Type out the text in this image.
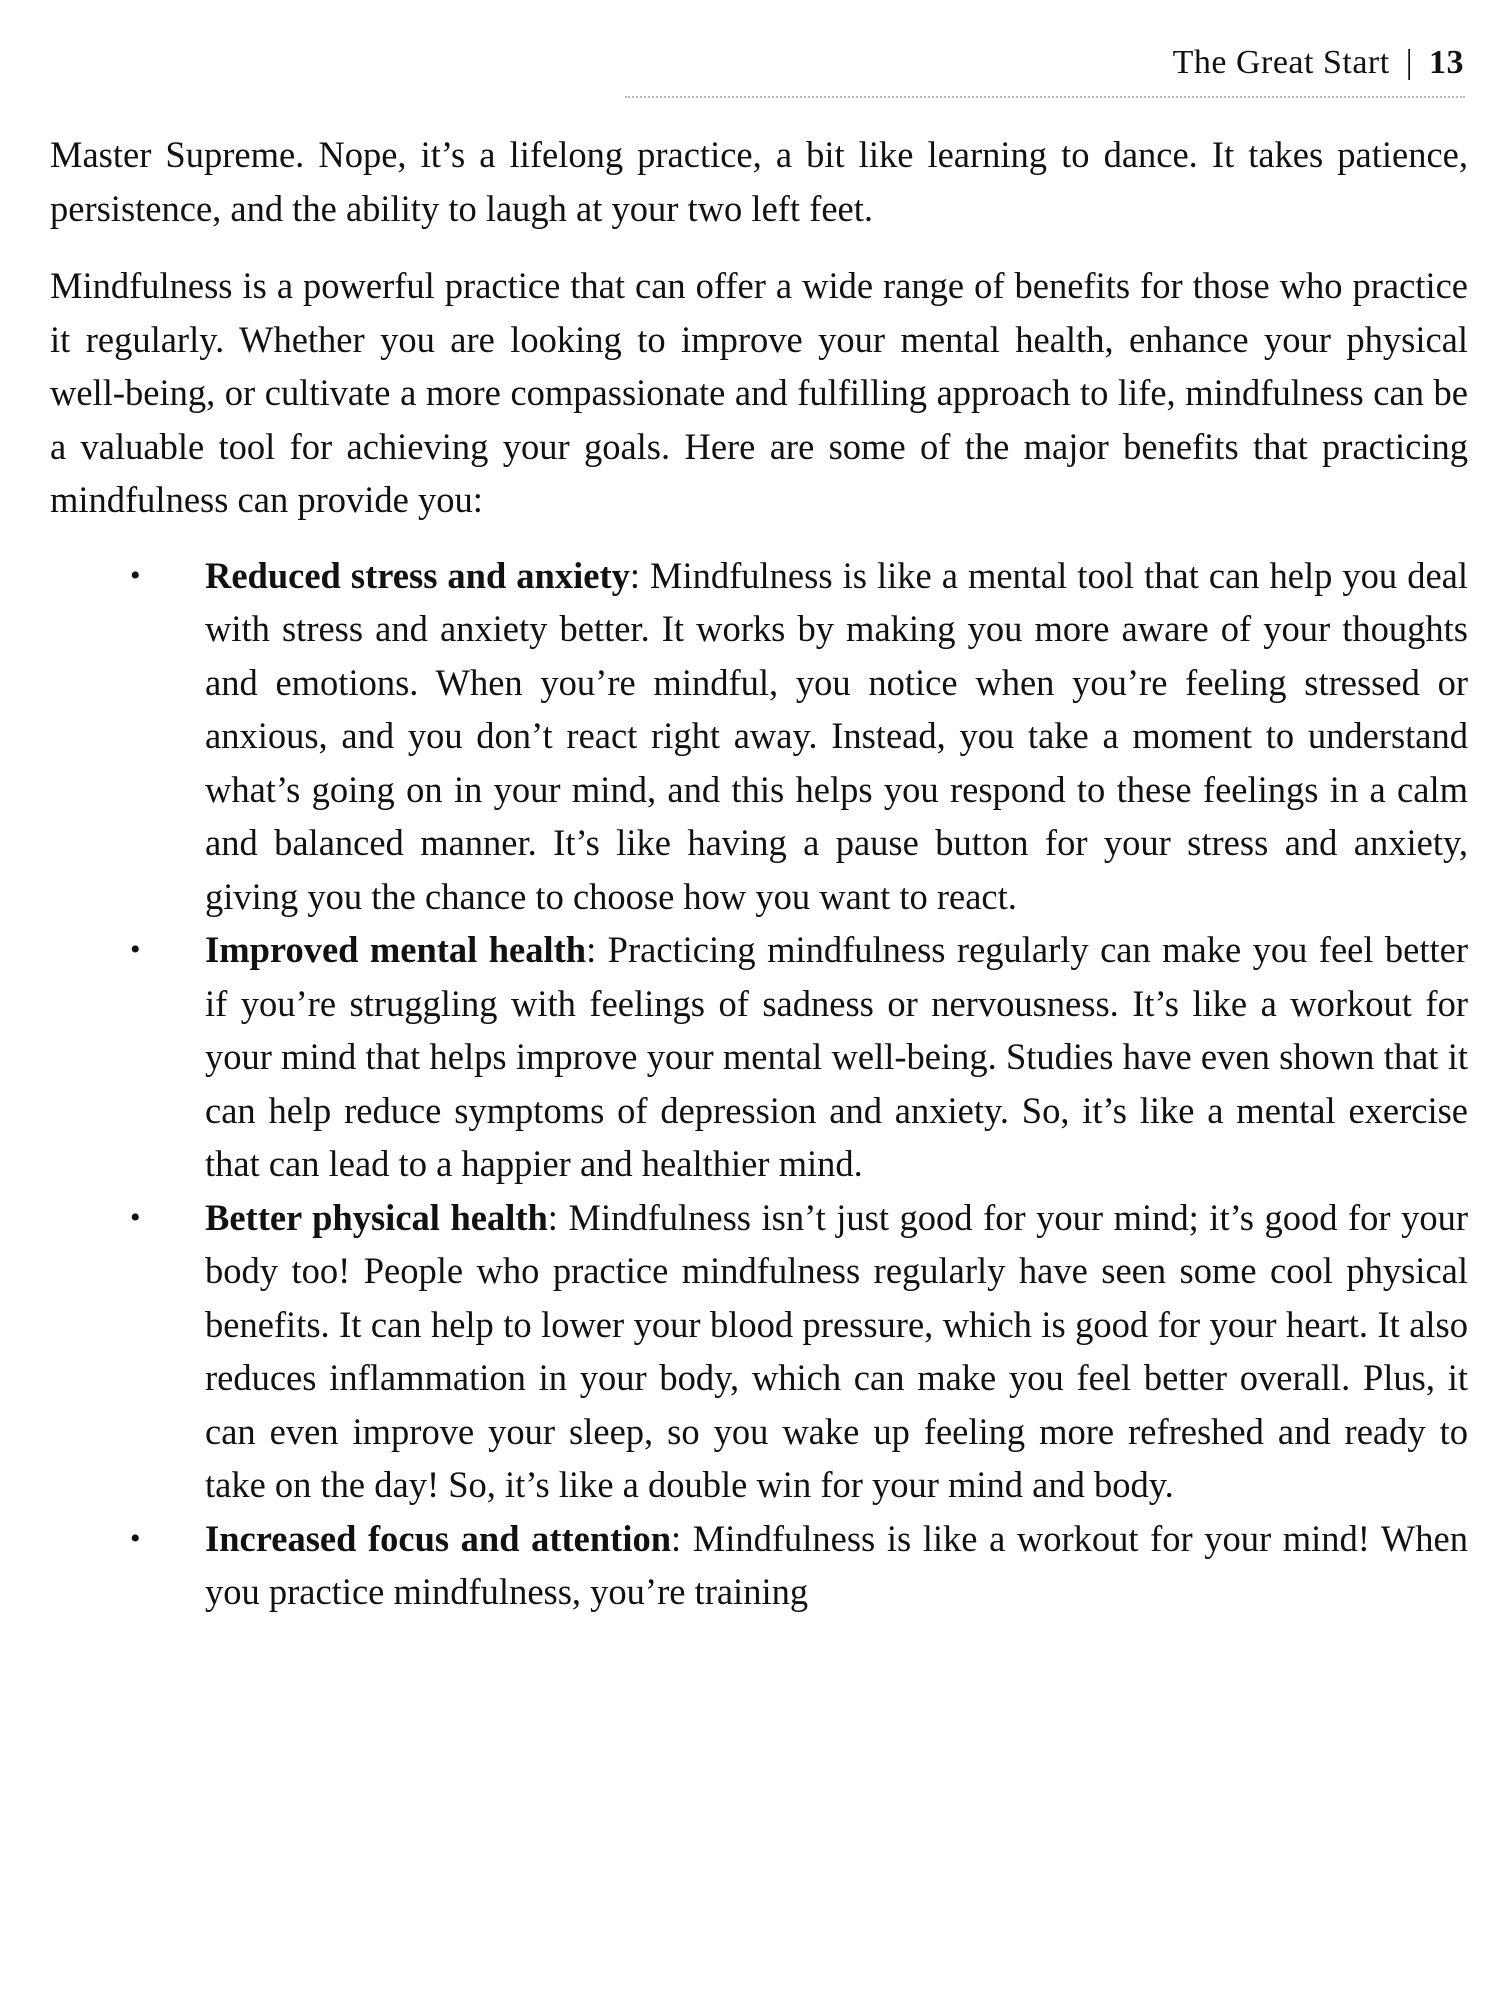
The Great Start | 13

Master Supreme. Nope, it’s a lifelong practice, a bit like learning to dance. It takes patience, persistence, and the ability to laugh at your two left feet.

Mindfulness is a powerful practice that can offer a wide range of benefits for those who practice it regularly. Whether you are looking to improve your mental health, enhance your physical well-being, or cultivate a more compassionate and fulfilling approach to life, mindfulness can be a valuable tool for achieving your goals. Here are some of the major benefits that practicing mindfulness can provide you:

• Reduced stress and anxiety: Mindfulness is like a mental tool that can help you deal with stress and anxiety better. It works by making you more aware of your thoughts and emotions. When you’re mindful, you notice when you’re feeling stressed or anxious, and you don’t react right away. Instead, you take a moment to understand what’s going on in your mind, and this helps you respond to these feelings in a calm and balanced manner. It’s like having a pause button for your stress and anxiety, giving you the chance to choose how you want to react.
• Improved mental health: Practicing mindfulness regularly can make you feel better if you’re struggling with feelings of sadness or nervousness. It’s like a workout for your mind that helps improve your mental well-being. Studies have even shown that it can help reduce symptoms of depression and anxiety. So, it’s like a mental exercise that can lead to a happier and healthier mind.
• Better physical health: Mindfulness isn’t just good for your mind; it’s good for your body too! People who practice mindfulness regularly have seen some cool physical benefits. It can help to lower your blood pressure, which is good for your heart. It also reduces inflammation in your body, which can make you feel better overall. Plus, it can even improve your sleep, so you wake up feeling more refreshed and ready to take on the day! So, it’s like a double win for your mind and body.
• Increased focus and attention: Mindfulness is like a workout for your mind! When you practice mindfulness, you’re training
